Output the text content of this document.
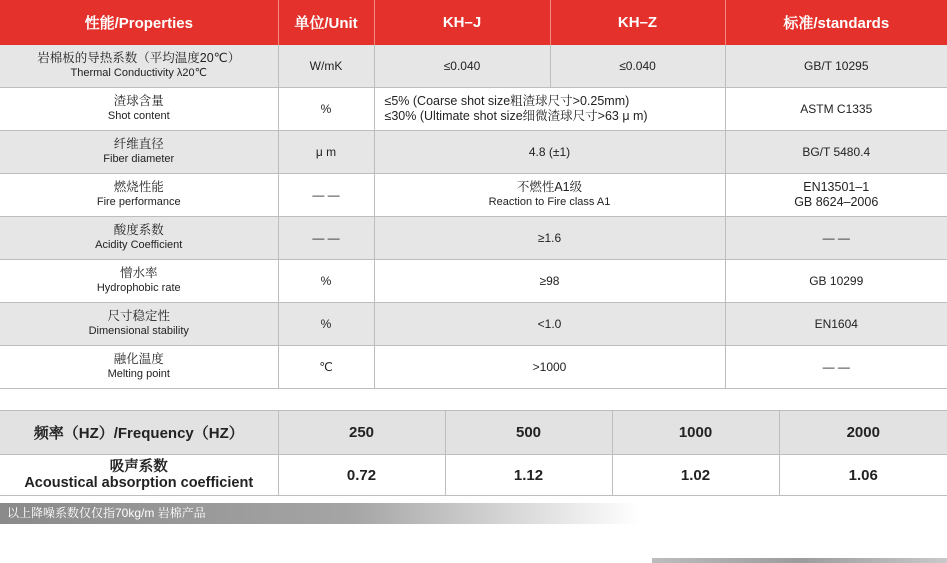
性能/Properties	单位/Unit	KH–J	KH–Z	标准/standards

岩棉板的导热系数（平均温度20℃）
Thermal Conductivity λ20℃	W/mK	≤0.040	≤0.040	GB/T 10295

渣球含量
Shot content	%	≤5% (Coarse shot size粗渣球尺寸>0.25mm)
≤30% (Ultimate shot size细微渣球尺寸>63 μ m)		ASTM C1335

纤维直径
Fiber diameter	μ m	4.8 (±1)		BG/T 5480.4

燃烧性能
Fire performance	— —	不燃性A1级
Reaction to Fire class A1		EN13501–1
GB 8624–2006

酸度系数
Acidity Coefficient	— —	≥1.6		— —

憎水率
Hydrophobic rate	%	≥98		GB 10299

尺寸稳定性
Dimensional stability	%	<1.0		EN1604

融化温度
Melting point	℃	>1000		— —
频率（HZ）/Frequency（HZ）	250	500	1000	2000

吸声系数
Acoustical absorption coefficient	0.72	1.12	1.02	1.06
以上降噪系数仅仅指70kg/m 岩棉产品
